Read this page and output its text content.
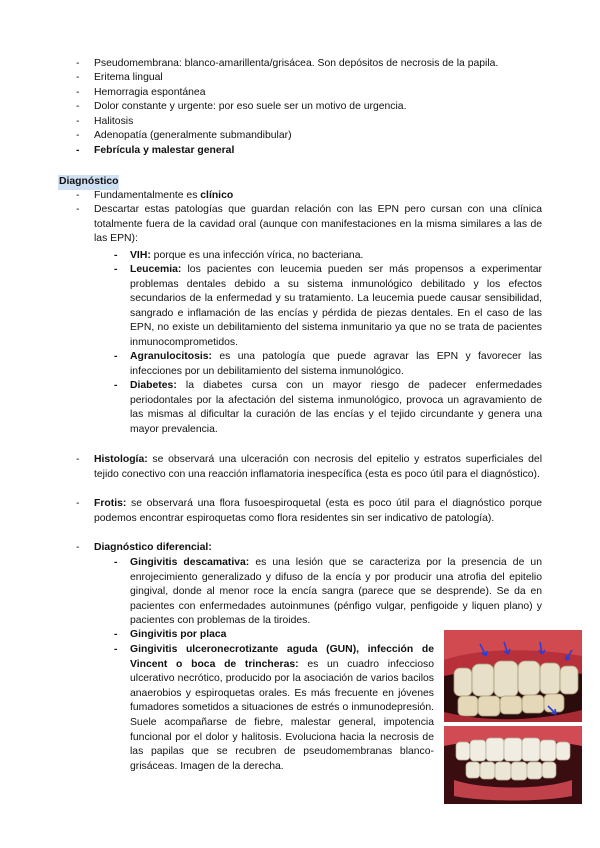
-	Pseudomembrana: blanco-amarillenta/grisácea. Son depósitos de necrosis de la papila.
-	Eritema lingual
-	Hemorragia espontánea
-	Dolor constante y urgente: por eso suele ser un motivo de urgencia.
-	Halitosis
-	Adenopatía (generalmente submandibular)
-	Febrícula y malestar general
Diagnóstico
-	Fundamentalmente es clínico
-	Descartar estas patologías que guardan relación con las EPN pero cursan con una clínica totalmente fuera de la cavidad oral (aunque con manifestaciones en la misma similares a las de las EPN):
-	VIH: porque es una infección vírica, no bacteriana.
-	Leucemia: los pacientes con leucemia pueden ser más propensos a experimentar problemas dentales debido a su sistema inmunológico debilitado y los efectos secundarios de la enfermedad y su tratamiento. La leucemia puede causar sensibilidad, sangrado e inflamación de las encías y pérdida de piezas dentales. En el caso de las EPN, no existe un debilitamiento del sistema inmunitario ya que no se trata de pacientes inmunocomprometidos.
-	Agranulocitosis: es una patología que puede agravar las EPN y favorecer las infecciones por un debilitamiento del sistema inmunológico.
-	Diabetes: la diabetes cursa con un mayor riesgo de padecer enfermedades periodontales por la afectación del sistema inmunológico, provoca un agravamiento de las mismas al dificultar la curación de las encías y el tejido circundante y genera una mayor prevalencia.
-	Histología: se observará una ulceración con necrosis del epitelio y estratos superficiales del tejido conectivo con una reacción inflamatoria inespecífica (esta es poco útil para el diagnóstico).
-	Frotis: se observará una flora fusoespiroquetal (esta es poco útil para el diagnóstico porque podemos encontrar espiroquetas como flora residentes sin ser indicativo de patología).
-	Diagnóstico diferencial:
-	Gingivitis descamativa: es una lesión que se caracteriza por la presencia de un enrojecimiento generalizado y difuso de la encía y por producir una atrofia del epitelio gingival, donde al menor roce la encía sangra (parece que se desprende). Se da en pacientes con enfermedades autoinmunes (pénfigo vulgar, penfigoide y liquen plano) y pacientes con problemas de la tiroides.
-	Gingivitis por placa
-	Gingivitis ulceronecrotizante aguda (GUN), infección de Vincent o boca de trincheras: es un cuadro infeccioso ulcerativo necrótico, producido por la asociación de varios bacilos anaerobios y espiroquetas orales. Es más frecuente en jóvenes fumadores sometidos a situaciones de estrés o inmunodepresión. Suele acompañarse de fiebre, malestar general, impotencia funcional por el dolor y halitosis. Evoluciona hacia la necrosis de las papilas que se recubren de pseudomembranas blanco-grisáceas. Imagen de la derecha.
